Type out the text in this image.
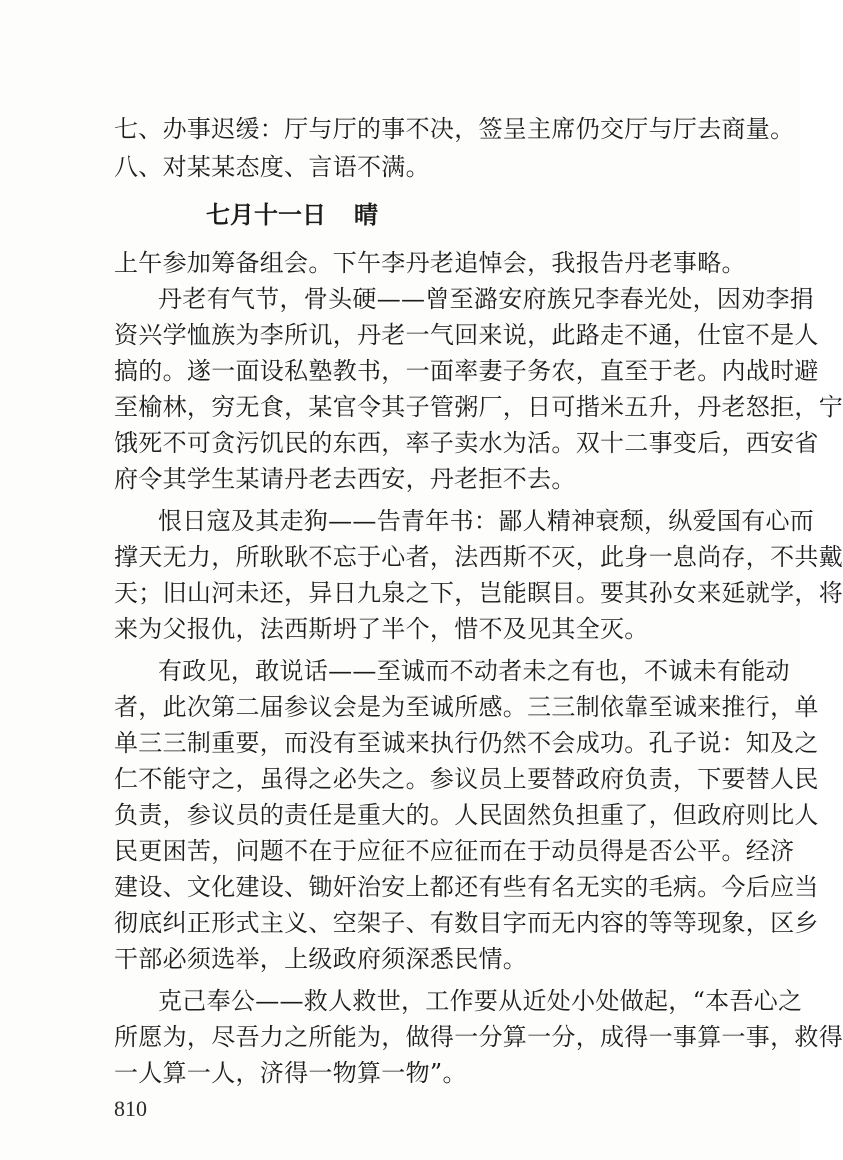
七、办事迟缓：厅与厅的事不决，签呈主席仍交厅与厅去商量。
八、对某某态度、言语不满。
七月十一日 晴
上午参加筹备组会。下午李丹老追悼会，我报告丹老事略。
丹老有气节，骨头硬——曾至潞安府族兄李春光处，因劝李捐
资兴学恤族为李所讥，丹老一气回来说，此路走不通，仕宦不是人
搞的。遂一面设私塾教书，一面率妻子务农，直至于老。内战时避
至榆林，穷无食，某官令其子管粥厂，日可揩米五升，丹老怒拒，宁
饿死不可贪污饥民的东西，率子卖水为活。双十二事变后，西安省
府令其学生某请丹老去西安，丹老拒不去。
恨日寇及其走狗——告青年书：鄙人精神衰颓，纵爱国有心而
撑天无力，所耿耿不忘于心者，法西斯不灭，此身一息尚存，不共戴
天；旧山河未还，异日九泉之下，岂能瞑目。要其孙女来延就学，将
来为父报仇，法西斯坍了半个，惜不及见其全灭。
有政见，敢说话——至诚而不动者未之有也，不诚未有能动
者，此次第二届参议会是为至诚所感。三三制依靠至诚来推行，单
单三三制重要，而没有至诚来执行仍然不会成功。孔子说：知及之
仁不能守之，虽得之必失之。参议员上要替政府负责，下要替人民
负责，参议员的责任是重大的。人民固然负担重了，但政府则比人
民更困苦，问题不在于应征不应征而在于动员得是否公平。经济
建设、文化建设、锄奸治安上都还有些有名无实的毛病。今后应当
彻底纠正形式主义、空架子、有数目字而无内容的等等现象，区乡
干部必须选举，上级政府须深悉民情。
克己奉公——救人救世，工作要从近处小处做起，“本吾心之
所愿为，尽吾力之所能为，做得一分算一分，成得一事算一事，救得
一人算一人，济得一物算一物”。
810
